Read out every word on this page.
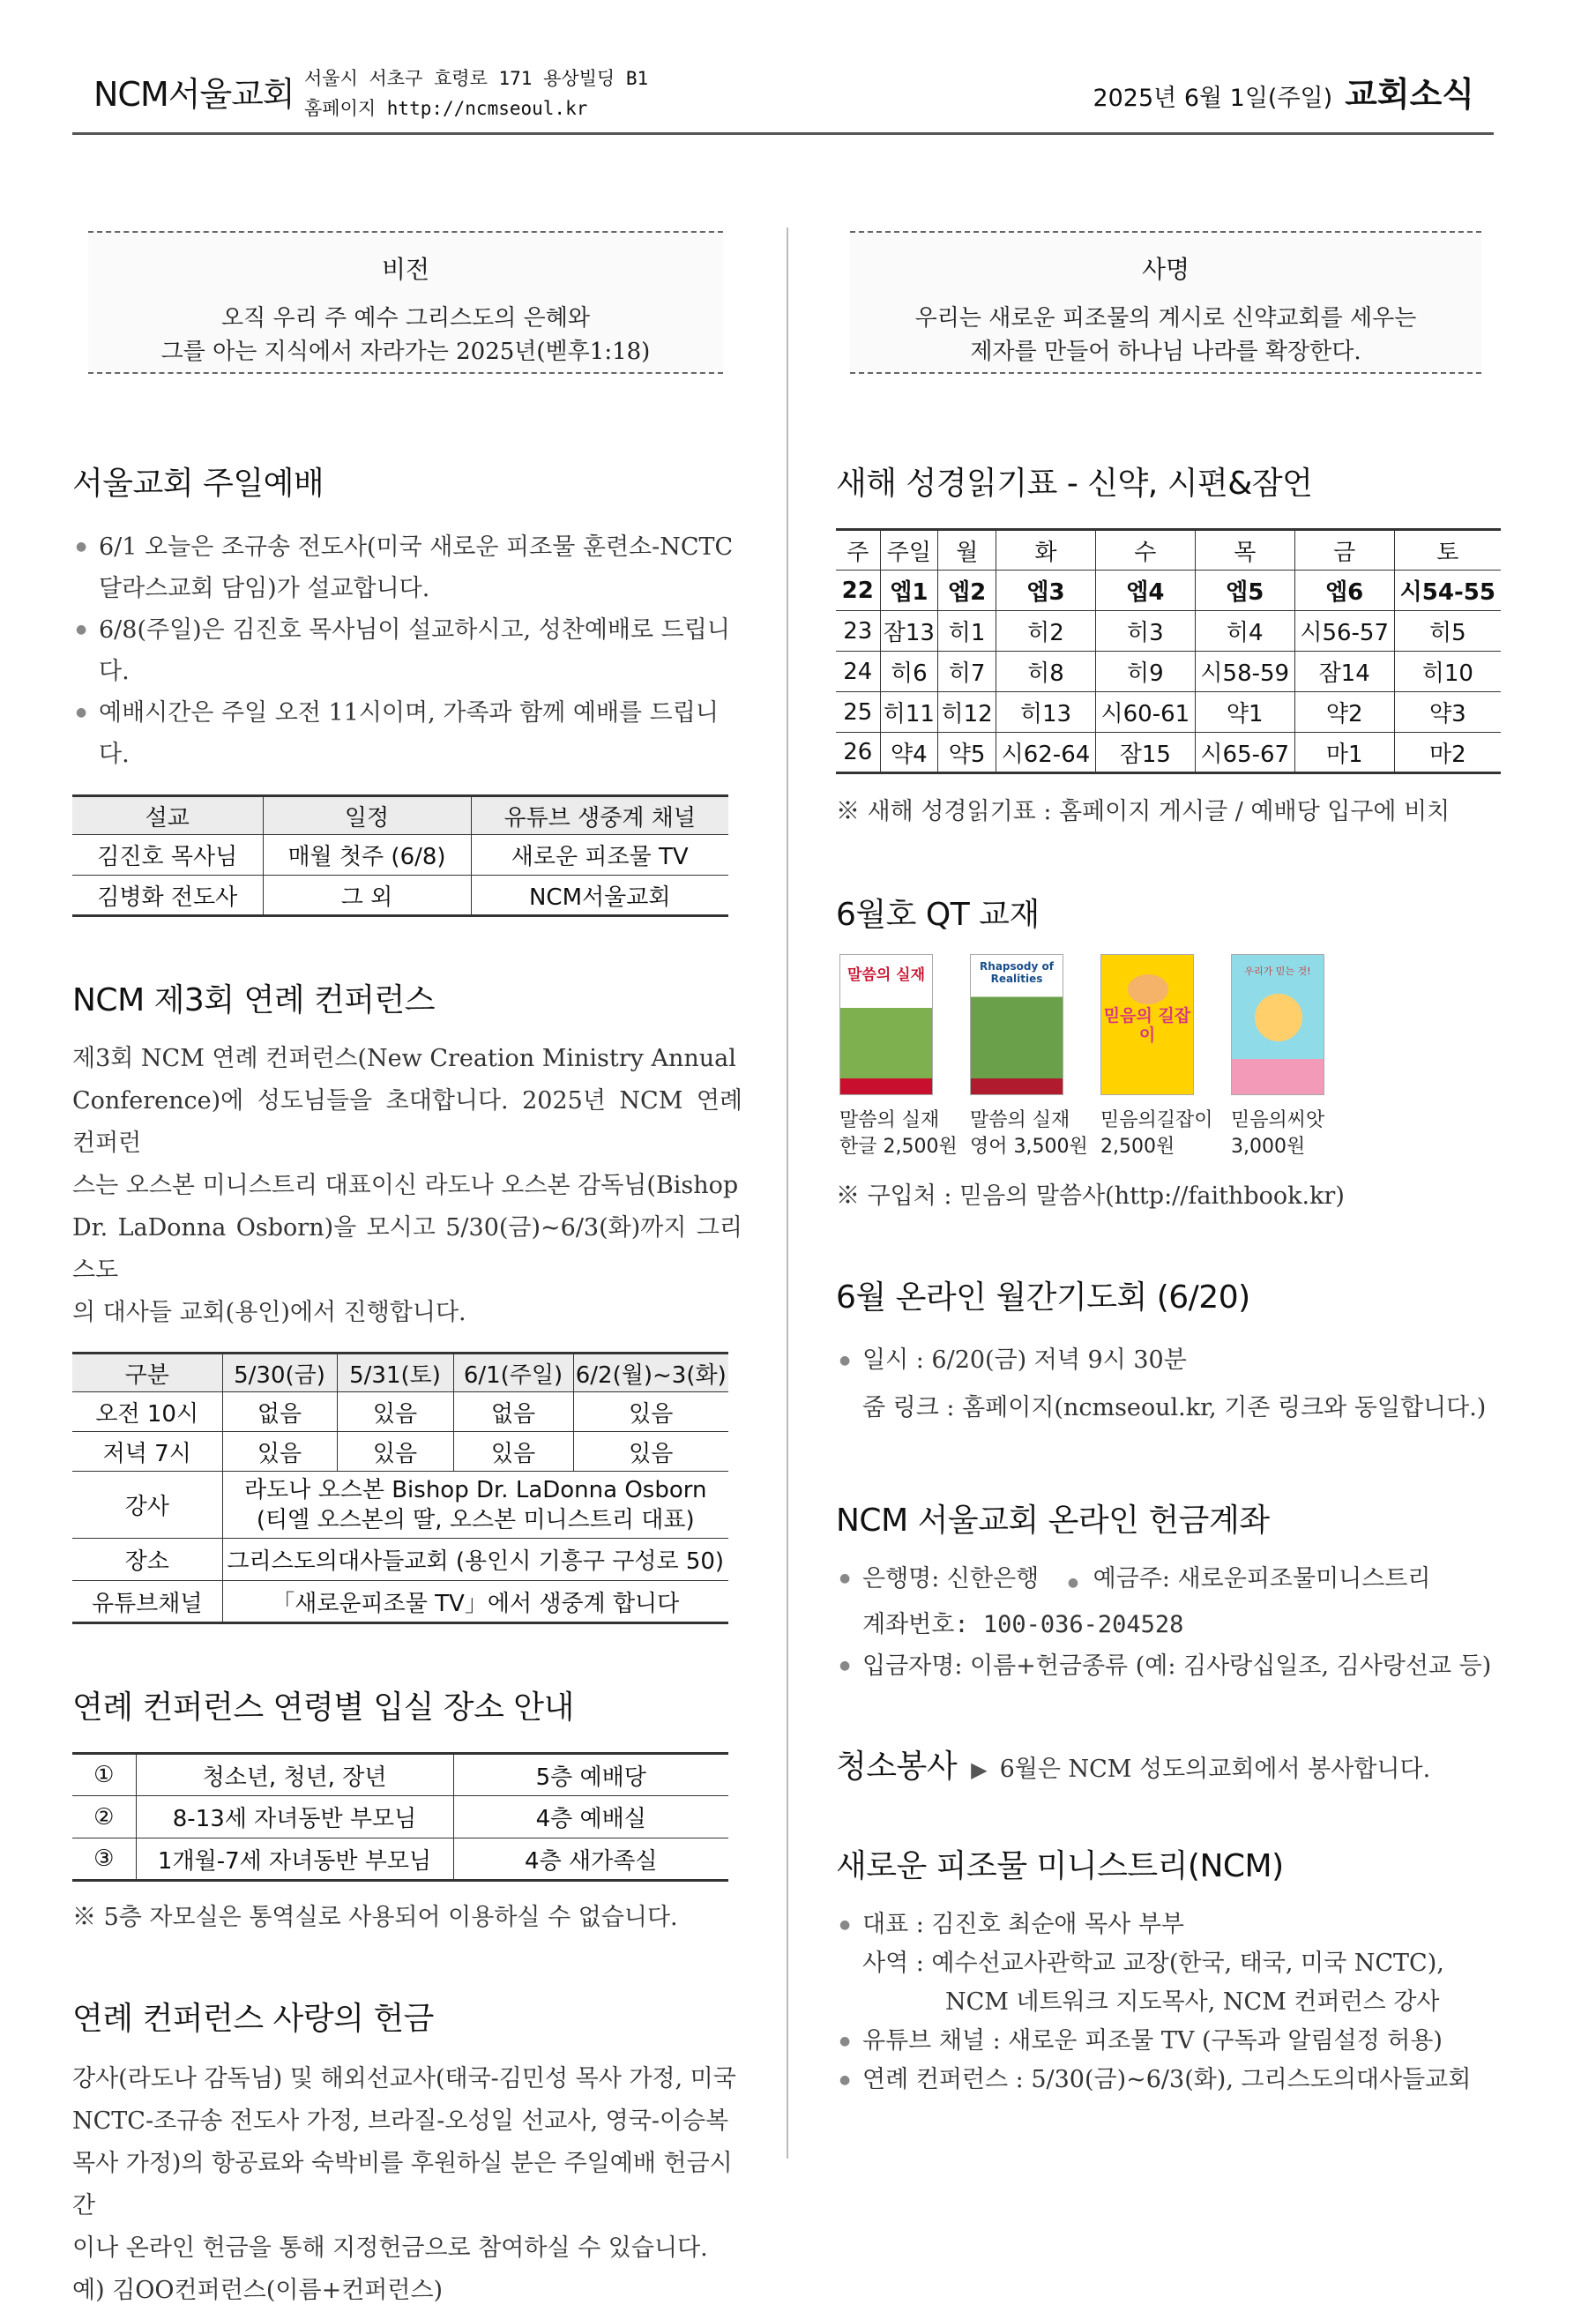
NCM서울교회 서울시 서초구 효령로 171 용상빌딩 B1
홈페이지 http://ncmseoul.kr	2025년 6월 1일(주일) 교회소식
비전
오직 우리 주 예수 그리스도의 은혜와
그를 아는 지식에서 자라가는 2025년(벧후1:18)
사명
우리는 새로운 피조물의 계시로 신약교회를 세우는
제자를 만들어 하나님 나라를 확장한다.
서울교회 주일예배
● 6/1 오늘은 조규송 전도사(미국 새로운 피조물 훈련소-NCTC
달라스교회 담임)가 설교합니다.
● 6/8(주일)은 김진호 목사님이 설교하시고, 성찬예배로 드립니다.
● 예배시간은 주일 오전 11시이며, 가족과 함께 예배를 드립니다.
설교	일정	유튜브 생중계 채널
김진호 목사님	매월 첫주 (6/8)	새로운 피조물 TV
김병화 전도사	그 외	NCM서울교회
NCM 제3회 연례 컨퍼런스
제3회 NCM 연례 컨퍼런스(New Creation Ministry Annual
Conference)에 성도님들을 초대합니다. 2025년 NCM 연례 컨퍼런
스는 오스본 미니스트리 대표이신 라도나 오스본 감독님(Bishop
Dr. LaDonna Osborn)을 모시고 5/30(금)~6/3(화)까지 그리스도
의 대사들 교회(용인)에서 진행합니다.
구분	5/30(금)	5/31(토)	6/1(주일)	6/2(월)~3(화)
오전 10시	없음	있음	없음	있음
저녁 7시	있음	있음	있음	있음
강사	라도나 오스본 Bishop Dr. LaDonna Osborn
(티엘 오스본의 딸, 오스본 미니스트리 대표)			

장소	그리스도의대사들교회 (용인시 기흥구 구성로 50)			
유튜브채널	「새로운피조물 TV」에서 생중계 합니다			
연례 컨퍼런스 연령별 입실 장소 안내
①	청소년, 청년, 장년	5층 예배당
②	8-13세 자녀동반 부모님	4층 예배실
③	1개월-7세 자녀동반 부모님	4층 새가족실
※ 5층 자모실은 통역실로 사용되어 이용하실 수 없습니다.
연례 컨퍼런스 사랑의 헌금
강사(라도나 감독님) 및 해외선교사(태국-김민성 목사 가정, 미국
NCTC-조규송 전도사 가정, 브라질-오성일 선교사, 영국-이승복
목사 가정)의 항공료와 숙박비를 후원하실 분은 주일예배 헌금시간
이나 온라인 헌금을 통해 지정헌금으로 참여하실 수 있습니다.
예) 김OO컨퍼런스(이름+컨퍼런스)
새해 성경읽기표 - 신약, 시편&잠언
주	주일	월	화	수	목	금	토
22	엡1	엡2	엡3	엡4	엡5	엡6	시54-55
23	잠13	히1	히2	히3	히4	시56-57	히5
24	히6	히7	히8	히9	시58-59	잠14	히10
25	히11	히12	히13	시60-61	약1	약2	약3
26	약4	약5	시62-64	잠15	시65-67	마1	마2
※ 새해 성경읽기표 : 홈페이지 게시글 / 예배당 입구에 비치
6월호 QT 교재
말씀의 실재	Rhapsody of Realities
믿음의 길잡이
우리가 믿는 것!
말씀의 실재
한글 2,500원
말씀의 실재
영어 3,500원
믿음의길잡이
2,500원
믿음의씨앗
3,000원
※ 구입처 : 믿음의 말씀사(http://faithbook.kr)
6월 온라인 월간기도회 (6/20)
● 일시 : 6/20(금) 저녁 9시 30분
줌 링크 : 홈페이지(ncmseoul.kr, 기존 링크와 동일합니다.)
NCM 서울교회 온라인 헌금계좌
● 은행명: 신한은행 ● 예금주: 새로운피조물미니스트리
계좌번호: 100-036-204528
● 입금자명: 이름+헌금종류 (예: 김사랑십일조, 김사랑선교 등)
청소봉사 ▶ 6월은 NCM 성도의교회에서 봉사합니다.
새로운 피조물 미니스트리(NCM)
● 대표 : 김진호 최순애 목사 부부
사역 : 예수선교사관학교 교장(한국, 태국, 미국 NCTC),
NCM 네트워크 지도목사, NCM 컨퍼런스 강사
● 유튜브 채널 : 새로운 피조물 TV (구독과 알림설정 허용)
● 연례 컨퍼런스 : 5/30(금)~6/3(화), 그리스도의대사들교회
